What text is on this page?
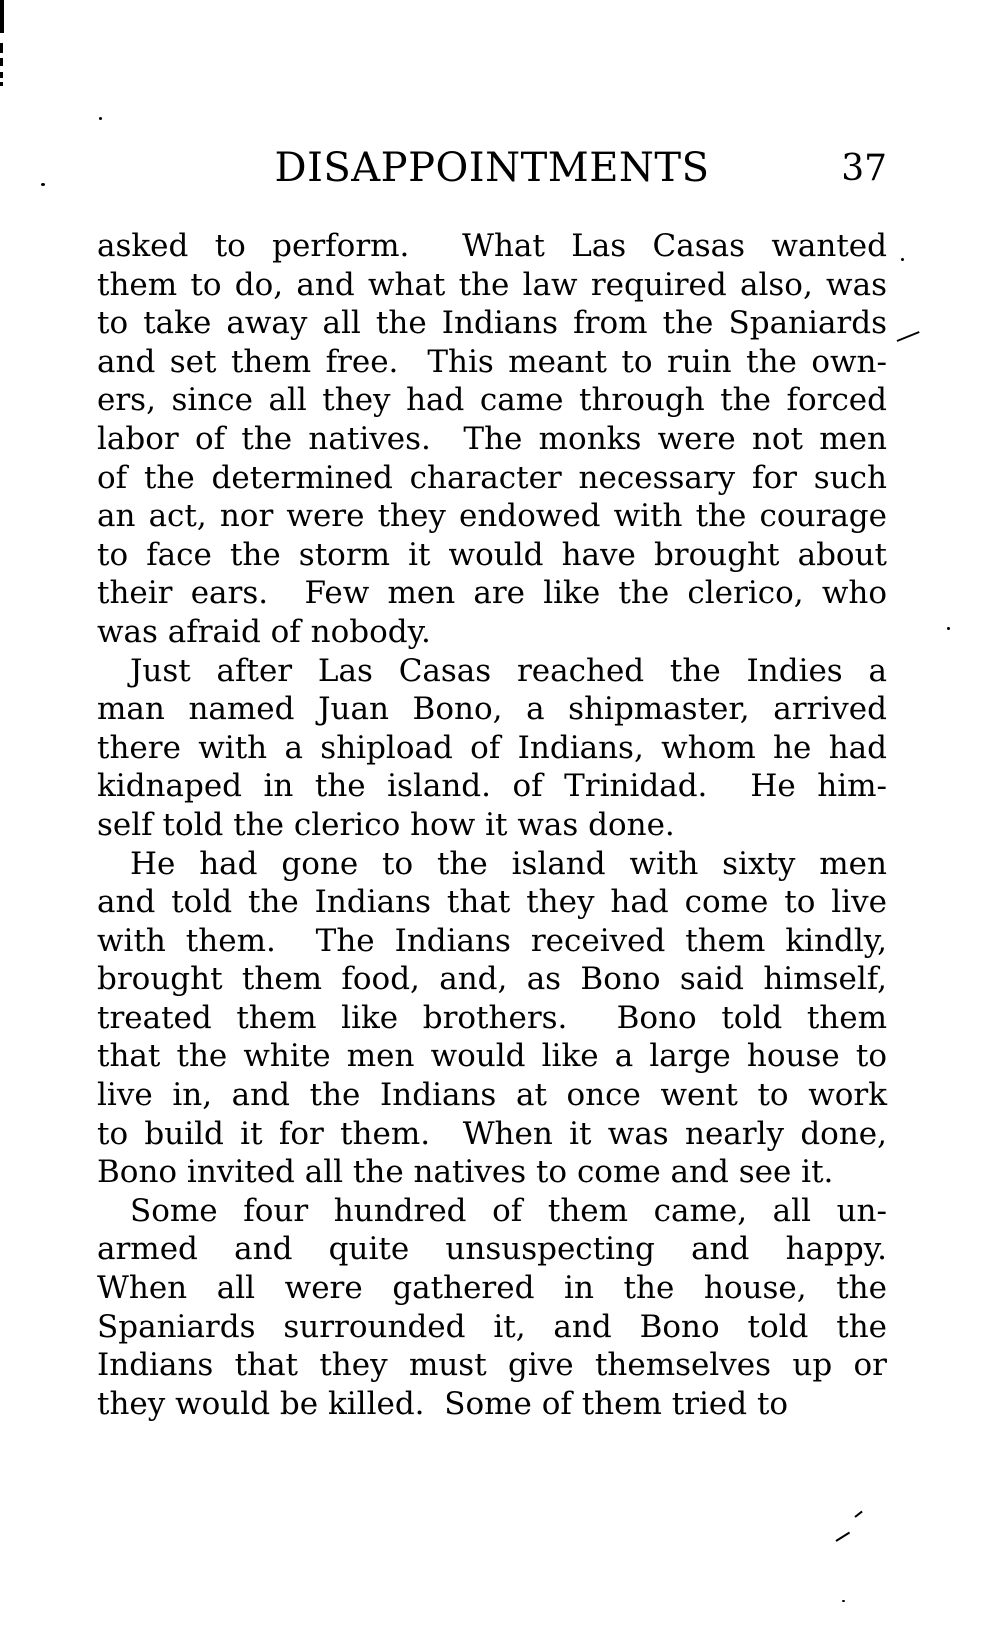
DISAPPOINTMENTS	37
asked to perform.  What Las Casas wanted
them to do, and what the law required also, was
to take away all the Indians from the Spaniards
and set them free.  This meant to ruin the own-
ers, since all they had came through the forced
labor of the natives.  The monks were not men
of the determined character necessary for such
an act, nor were they endowed with the courage
to face the storm it would have brought about
their ears.  Few men are like the clerico, who
was afraid of nobody.
Just after Las Casas reached the Indies a
man named Juan Bono, a shipmaster, arrived
there with a shipload of Indians, whom he had
kidnaped in the island. of Trinidad.  He him-
self told the clerico how it was done.
He had gone to the island with sixty men
and told the Indians that they had come to live
with them.  The Indians received them kindly,
brought them food, and, as Bono said himself,
treated them like brothers.  Bono told them
that the white men would like a large house to
live in, and the Indians at once went to work
to build it for them.  When it was nearly done,
Bono invited all the natives to come and see it.
Some four hundred of them came, all un-
armed and quite unsuspecting and happy.
When all were gathered in the house, the
Spaniards surrounded it, and Bono told the
Indians that they must give themselves up or
they would be killed.  Some of them tried to
